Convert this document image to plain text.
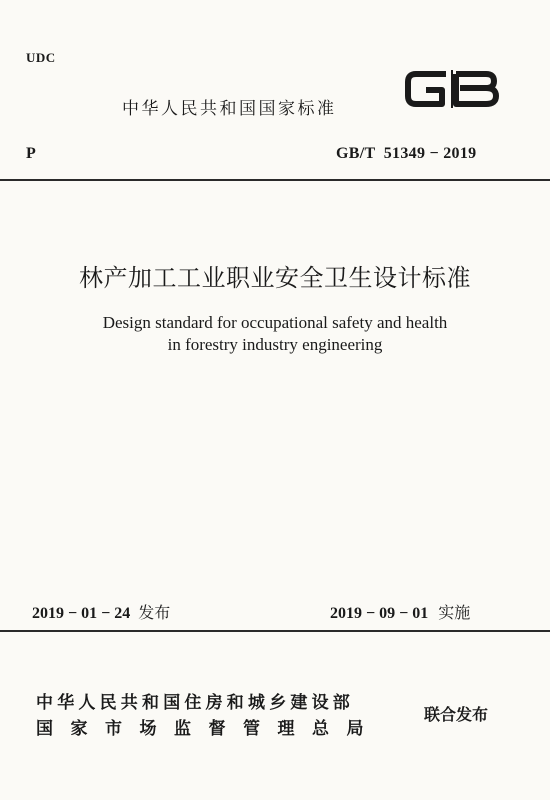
UDC
中华人民共和国国家标准
P	GB/T  51349 − 2019
林产加工工业职业安全卫生设计标准
Design standard for occupational safety and health
in forestry industry engineering
2019 − 01 − 24 发布	2019 − 09 − 01 实施
中华人民共和国住房和城乡建设部
国家市场监督管理总局
联合发布
